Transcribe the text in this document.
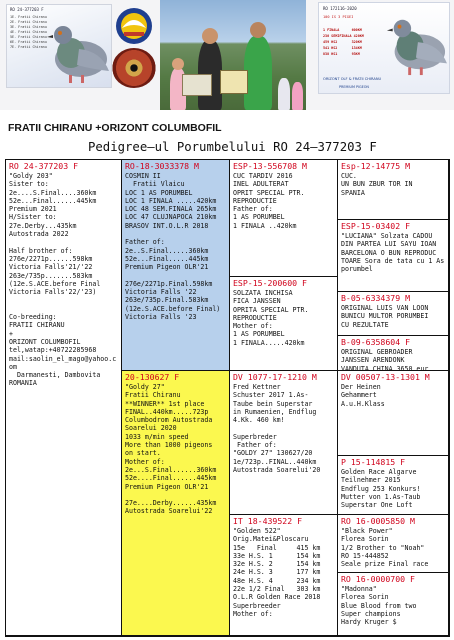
RO 24-377203 F
1E. Fratii Chiranu
2E. Fratii Chiranu
3E. Fratii Chiranu
4E. Fratii Chiranu
5E. Fratii Chiranu
6E. Fratii Chiranu
7E. Fratii Chiranu
RO 172116-2020
100 IS 3 PIGEI
1 FINALA      600KM
230 SEMIFINALA 420KM
459 HS2       320KM
541 HS2       134KM
838 HS1       93KM
ORIZONT OLF & FRATII CHIRANU
PREMIUM PIGEON
FRATII CHIRANU +ORIZONT COLUMBOFIL
Pedigree—ul Porumbelului RO 24—377203 F
RO 24-377203 F
"Goldy 203"
Sister to:
2e....S.Final....360km
52e...Final......445km
Premium 2021
H/Sister to:
27e.Derby...435km
Autostrada 2022

Half brother of:
276e/2271p......598km
Victoria Falls'21/'22
263e/735p.......583km
(12e.S.ACE.before Final
Victoria Falls'22/'23)

Co-breeding:
FRATII CHIRANU
+
ORIZONT COLUMBOFIL
tel,watap:+40722285968
mail:saolin_el_mago@yahoo.com
Darmanesti, Dambovita
ROMANIA
RO-18-3033378 M
COSMIN II
Fratii Vlaicu
LOC 1 AS PORUMBEL
LOC 1 FINALA .....420km
LOC 48 SEM.FINALA 265km
LOC 47 CLUJNAPOCA 210km
BRASOV INT.O.L.R 2018

Father of:
2e..S.Final.....360km
52e...Final.....445km
Premium Pigeon OLR'21

276e/2271p.Final.598km
Victoria Falls '22
263e/735p.Final.583km
(12e.S.ACE.before Final)
Victoria Falls '23
20-130627 F
"Goldy 27"
Fratii Chiranu
**WINNER** 1st place
FINAL..440km.....723p
Columbodrom Autostrada
Soarelui 2020
1033 m/min speed
More than 1000 pigeons
on start.
Mother of:
2e...S.Final......360km
52e....Final......445km
Premium Pigeon OLR'21

27e....Derby......435km
Autostrada Soarelui'22
ESP-13-556708 M
CUC TARDIV 2016
INEL ADULTERAT
OPRIT SPECIAL PTR.
REPRODUCTIE
Father of:
1 AS PORUMBEL
1 FINALA ..420km
ESP-15-200600 F
SOLZATA INCHISA
FICA JANSSEN
OPRITA SPECIAL PTR.
REPRODUCTIE
Mother of:
1 AS PORUMBEL
1 FINALA.....420km
DV 1077-17-1210 M
Fred Kettner
Schuster 2017 1.As-
Taube bein Superstar
in Rumaenien, Endflug
4.Kk. 460 km!

Superbreder
Father of:
"GOLDY 27" 130627/20
1e/723p..FINAL..440km
Autostrada Soarelui'20
IT 18-439522 F
"Golden 522"
Orig.Matei&Ploscaru
15e   Final     415 km
33e H.S. 1      154 km
32e H.S. 2      154 km
24e H.S. 3      177 km
48e H.S. 4      234 km
22e 1/2 Final   303 km
O.L.R Golden Race 2018
Superbreeder
Mother of:
Esp-12-14775 M
CUC.
UN BUN ZBUR TOR IN
SPANIA
ESP-15-03402 F
"LUCIANA" Solzata CADOU DIN PARTEA LUI SAYU IOAN BARCELONA O BUN REPRODUC TOARE Sora de tata cu 1 As porumbel
B-05-6334379 M
ORIGINAL LUIS VAN LOON
BUNICU MULTOR PORUMBEI
CU REZULTATE
B-09-6358604 F
ORIGINAL GEBROADER
JANSSEN ARENDONK
VANDUTA CHINA 3650 eur
DV 00507-13-1301 M
Der Heinen
Gehammert
A.u.H.Klass
P 15-114815 F
Golden Race Algarve
Teilnehmer 2015
Endflug 253 Konkurs!
Mutter von 1.As-Taub
Superstar One Loft
RO 16-0005850 M
"Black Power"
Florea Sorin
1/2 Brother to "Noah"
RO 15-444852
Seale prize Final race
RO 16-0000700 F
"Madonna"
Florea Sorin
Blue Blood from two
Super champions
Hardy Kruger $
